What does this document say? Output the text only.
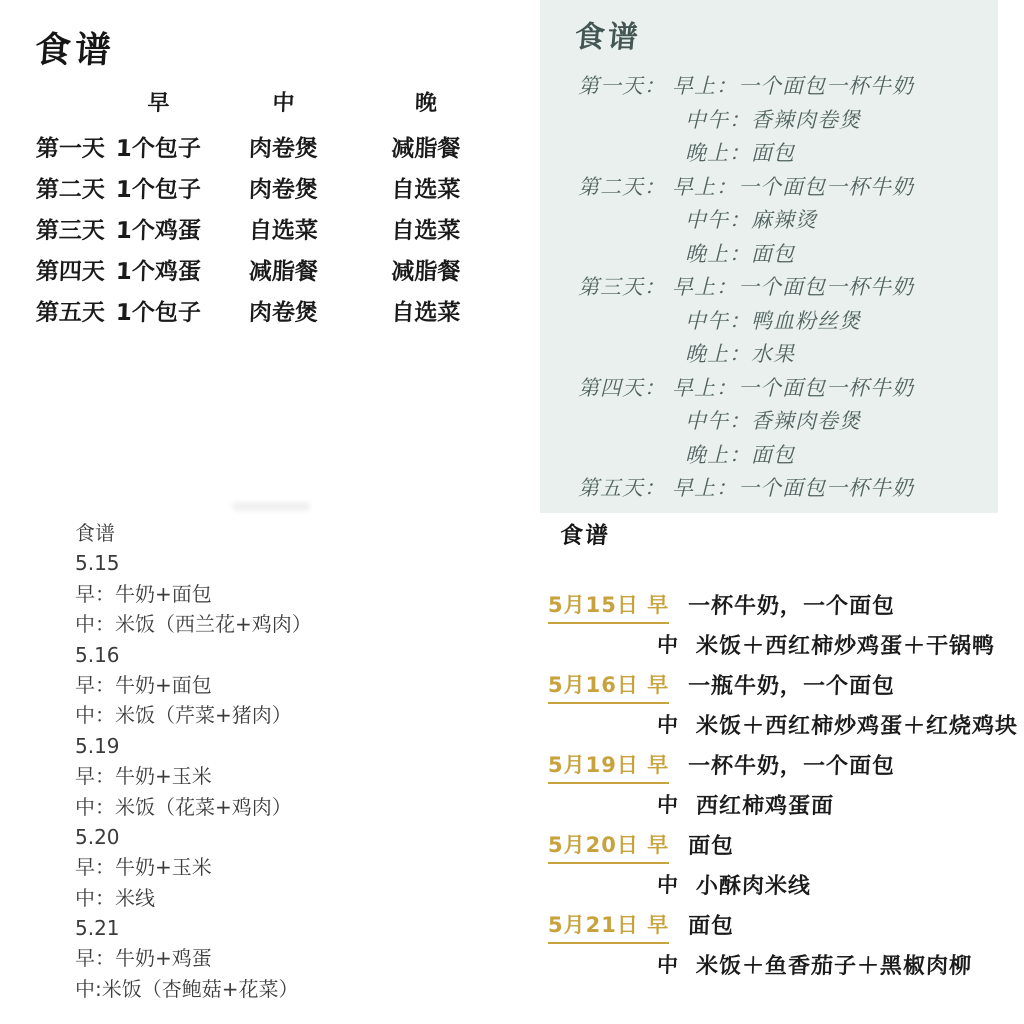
食谱
早	中	晚
第一天 1个包子	肉卷煲	减脂餐
第二天 1个包子	肉卷煲	自选菜
第三天 1个鸡蛋	自选菜	自选菜
第四天 1个鸡蛋	减脂餐	减脂餐
第五天 1个包子	肉卷煲	自选菜
食谱
第一天： 早上：一个面包一杯牛奶
中午：香辣肉卷煲
晚上：面包
第二天： 早上：一个面包一杯牛奶
中午：麻辣烫
晚上：面包
第三天： 早上：一个面包一杯牛奶
中午：鸭血粉丝煲
晚上：水果
第四天： 早上：一个面包一杯牛奶
中午：香辣肉卷煲
晚上：面包
第五天： 早上：一个面包一杯牛奶
食谱
5.15
早：牛奶+面包
中：米饭（西兰花+鸡肉）
5.16
早：牛奶+面包
中：米饭（芹菜+猪肉）
5.19
早：牛奶+玉米
中：米饭（花菜+鸡肉）
5.20
早：牛奶+玉米
中：米线
5.21
早：牛奶+鸡蛋
中:米饭（杏鲍菇+花菜）
食谱
5月15日 早 一杯牛奶，一个面包
中 米饭＋西红柿炒鸡蛋＋干锅鸭
5月16日 早 一瓶牛奶，一个面包
中 米饭＋西红柿炒鸡蛋＋红烧鸡块
5月19日 早 一杯牛奶，一个面包
中 西红柿鸡蛋面
5月20日 早 面包
中 小酥肉米线
5月21日 早 面包
中 米饭＋鱼香茄子＋黑椒肉柳
